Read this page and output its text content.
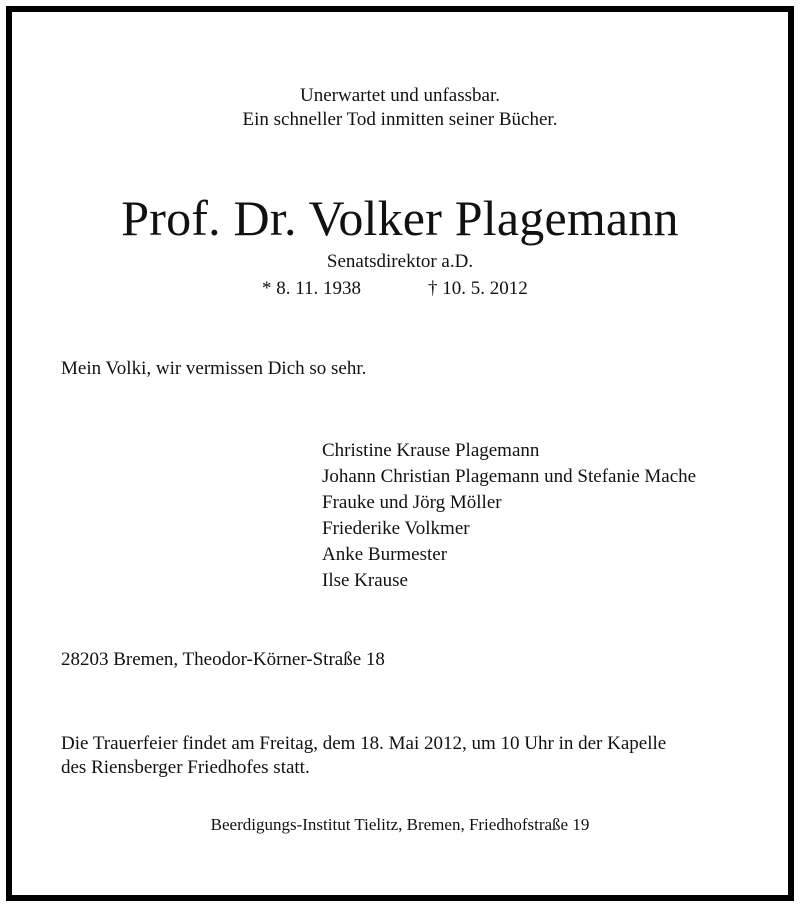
Unerwartet und unfassbar.
Ein schneller Tod inmitten seiner Bücher.
Prof. Dr. Volker Plagemann
Senatsdirektor a.D.
* 8. 11. 1938	† 10. 5. 2012
Mein Volki, wir vermissen Dich so sehr.
Christine Krause Plagemann
Johann Christian Plagemann und Stefanie Mache
Frauke und Jörg Möller
Friederike Volkmer
Anke Burmester
Ilse Krause
28203 Bremen, Theodor-Körner-Straße 18
Die Trauerfeier findet am Freitag, dem 18. Mai 2012, um 10 Uhr in der Kapelle
des Riensberger Friedhofes statt.
Beerdigungs-Institut Tielitz, Bremen, Friedhofstraße 19
